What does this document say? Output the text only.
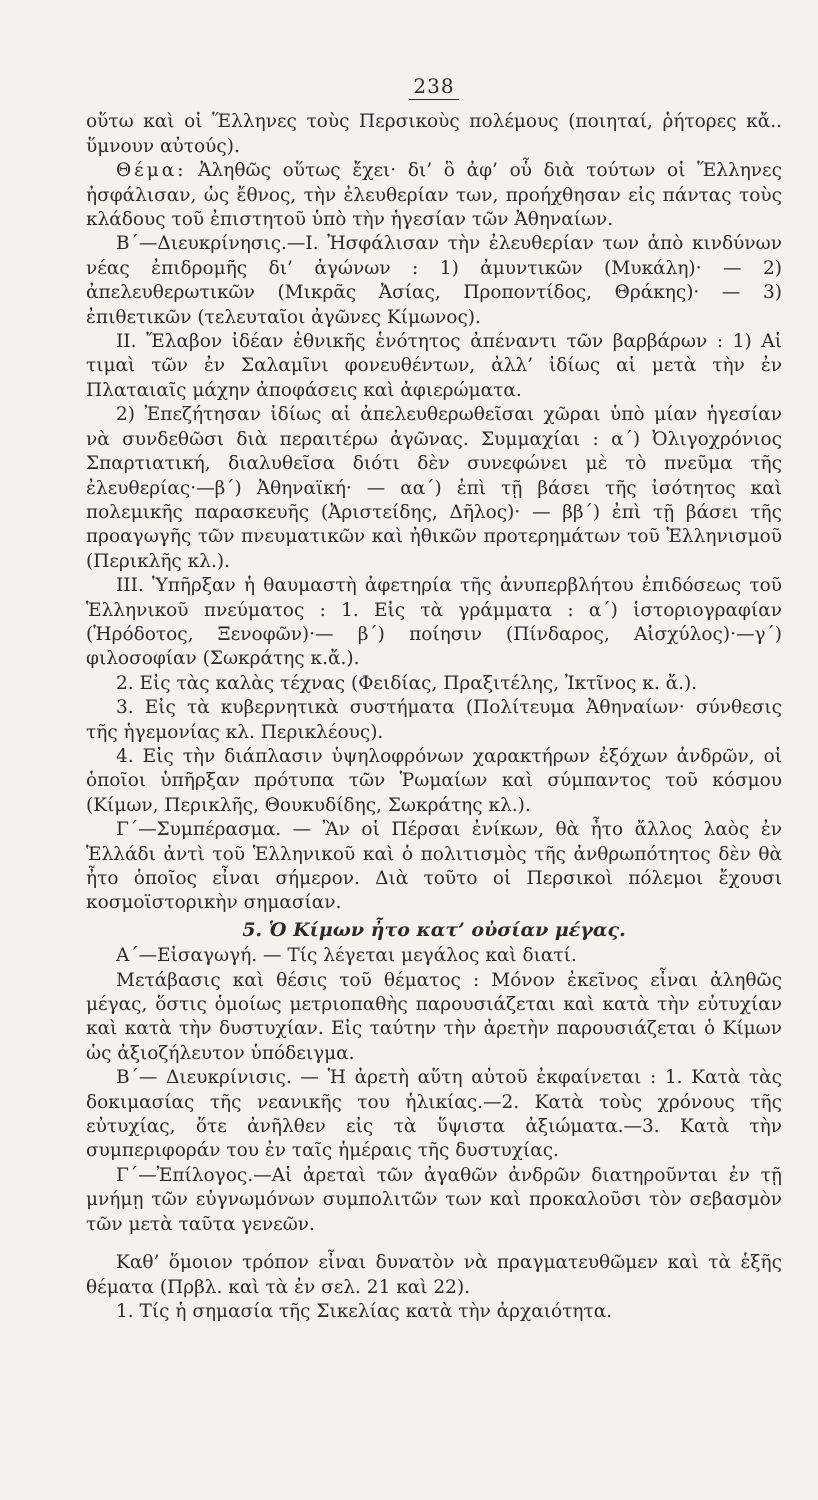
238

οὕτω καὶ οἱ Ἕλληνες τοὺς Περσικοὺς πολέμους (ποιηταί, ῥήτορες κἄ.. ὕμνουν αὐτούς).

Θέμα: Ἀληθῶς οὕτως ἔχει· δι’ ὃ ἀφ’ οὗ διὰ τούτων οἱ Ἕλληνες ἠσφάλισαν, ὡς ἔθνος, τὴν ἐλευθερίαν των, προήχθησαν εἰς πάντας τοὺς κλάδους τοῦ ἐπιστητοῦ ὑπὸ τὴν ἡγεσίαν τῶν Ἀθηναίων.

Β΄—Διευκρίνησις.—I. Ἠσφάλισαν τὴν ἐλευθερίαν των ἀπὸ κινδύνων νέας ἐπιδρομῆς δι’ ἀγώνων : 1) ἀμυντικῶν (Μυκάλη)· — 2) ἀπελευθερωτικῶν (Μικρᾶς Ἀσίας, Προποντίδος, Θράκης)· — 3) ἐπιθετικῶν (τελευταῖοι ἀγῶνες Κίμωνος).

II. Ἔλαβον ἰδέαν ἐθνικῆς ἑνότητος ἀπέναντι τῶν βαρβάρων : 1) Αἱ τιμαὶ τῶν ἐν Σαλαμῖνι φονευθέντων, ἀλλ’ ἰδίως αἱ μετὰ τὴν ἐν Πλαταιαῖς μάχην ἀποφάσεις καὶ ἀφιερώματα.

2) Ἐπεζήτησαν ἰδίως αἱ ἀπελευθερωθεῖσαι χῶραι ὑπὸ μίαν ἡγεσίαν νὰ συνδεθῶσι διὰ περαιτέρω ἀγῶνας. Συμμαχίαι : α΄) Ὀλιγοχρόνιος Σπαρτιατική, διαλυθεῖσα διότι δὲν συνεφώνει μὲ τὸ πνεῦμα τῆς ἐλευθερίας·—β΄) Ἀθηναϊκή· — αα΄) ἐπὶ τῇ βάσει τῆς ἰσότητος καὶ πολεμικῆς παρασκευῆς (Ἀριστείδης, Δῆλος)· — ββ΄) ἐπὶ τῇ βάσει τῆς προαγωγῆς τῶν πνευματικῶν καὶ ἠθικῶν προτερημάτων τοῦ Ἑλληνισμοῦ (Περικλῆς κλ.).

III. Ὑπῆρξαν ἡ θαυμαστὴ ἀφετηρία τῆς ἀνυπερβλήτου ἐπιδόσεως τοῦ Ἑλληνικοῦ πνεύματος : 1. Εἰς τὰ γράμματα : α΄) ἱστοριογραφίαν (Ἡρόδοτος, Ξενοφῶν)·— β΄) ποίησιν (Πίνδαρος, Αἰσχύλος)·—γ΄) φιλοσοφίαν (Σωκράτης κ.ἄ.).

2. Εἰς τὰς καλὰς τέχνας (Φειδίας, Πραξιτέλης, Ἰκτῖνος κ. ἄ.).

3. Εἰς τὰ κυβερνητικὰ συστήματα (Πολίτευμα Ἀθηναίων· σύνθεσις τῆς ἡγεμονίας κλ. Περικλέους).

4. Εἰς τὴν διάπλασιν ὑψηλοφρόνων χαρακτήρων ἐξόχων ἀνδρῶν, οἱ ὁποῖοι ὑπῆρξαν πρότυπα τῶν Ῥωμαίων καὶ σύμπαντος τοῦ κόσμου (Κίμων, Περικλῆς, Θουκυδίδης, Σωκράτης κλ.).

Γ΄—Συμπέρασμα. — Ἂν οἱ Πέρσαι ἐνίκων, θὰ ἦτο ἄλλος λαὸς ἐν Ἑλλάδι ἀντὶ τοῦ Ἑλληνικοῦ καὶ ὁ πολιτισμὸς τῆς ἀνθρωπότητος δὲν θὰ ἦτο ὁποῖος εἶναι σήμερον. Διὰ τοῦτο οἱ Περσικοὶ πόλεμοι ἔχουσι κοσμοϊστορικὴν σημασίαν.

5. Ὁ Κίμων ἦτο κατ’ οὐσίαν μέγας.

Α΄—Εἰσαγωγή. — Τίς λέγεται μεγάλος καὶ διατί.

Μετάβασις καὶ θέσις τοῦ θέματος : Μόνον ἐκεῖνος εἶναι ἀληθῶς μέγας, ὅστις ὁμοίως μετριοπαθὴς παρουσιάζεται καὶ κατὰ τὴν εὐτυχίαν καὶ κατὰ τὴν δυστυχίαν. Εἰς ταύτην τὴν ἀρετὴν παρουσιάζεται ὁ Κίμων ὡς ἀξιοζήλευτον ὑπόδειγμα.

Β΄— Διευκρίνισις. — Ἡ ἀρετὴ αὕτη αὐτοῦ ἐκφαίνεται : 1. Κατὰ τὰς δοκιμασίας τῆς νεανικῆς του ἡλικίας.—2. Κατὰ τοὺς χρόνους τῆς εὐτυχίας, ὅτε ἀνῆλθεν εἰς τὰ ὕψιστα ἀξιώματα.—3. Κατὰ τὴν συμπεριφοράν του ἐν ταῖς ἡμέραις τῆς δυστυχίας.

Γ΄—Ἐπίλογος.—Αἱ ἀρεταὶ τῶν ἀγαθῶν ἀνδρῶν διατηροῦνται ἐν τῇ μνήμῃ τῶν εὐγνωμόνων συμπολιτῶν των καὶ προκαλοῦσι τὸν σεβασμὸν τῶν μετὰ ταῦτα γενεῶν.

Καθ’ ὅμοιον τρόπον εἶναι δυνατὸν νὰ πραγματευθῶμεν καὶ τὰ ἑξῆς θέματα (Πρβλ. καὶ τὰ ἐν σελ. 21 καὶ 22).

1. Τίς ἡ σημασία τῆς Σικελίας κατὰ τὴν ἀρχαιότητα.
